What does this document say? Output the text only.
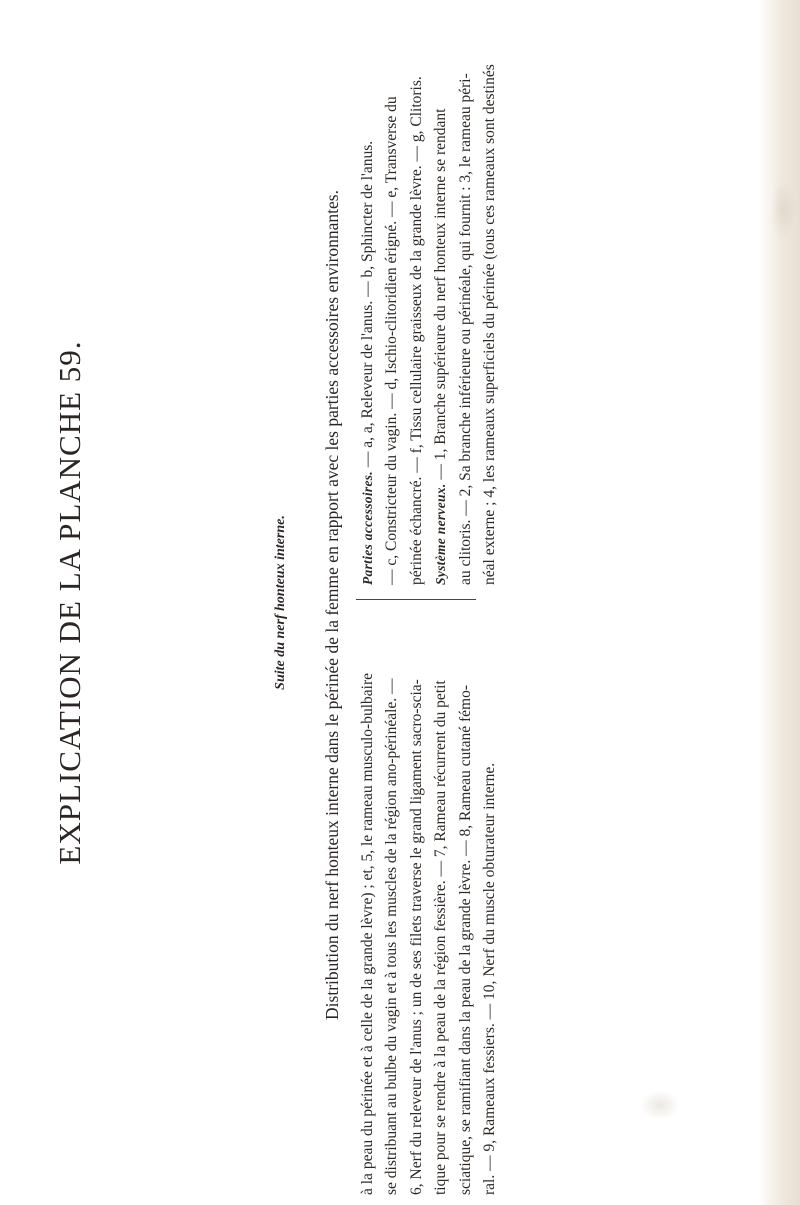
EXPLICATION DE LA PLANCHE 59.	Suite du nerf honteux interne. Distribution du nerf honteux interne dans le périnée de la femme en rapport avec les parties accessoires environnantes. Parties accessoires. — a, a, Releveur de l'anus. — b, Sphincter de l'anus. — c, Constricteur du vagin. — d, Ischio-clitoridien érigné. — e, Transverse du périnée échancré. — f, Tissu cellulaire graisseux de la grande lèvre. — g, Clitoris. Système nerveux. — 1, Branche supérieure du nerf honteux interne se rendant au clitoris. — 2, Sa branche inférieure ou périnéale, qui fournit : 3, le rameau péri- néal externe ; 4, les rameaux superficiels du périnée (tous ces rameaux sont destinés

à la peau du périnée et à celle de la grande lèvre) ; et, 5, le rameau musculo-bulbaire se distribuant au bulbe du vagin et à tous les muscles de la région ano-périnéale. — 6, Nerf du releveur de l'anus ; un de ses filets traverse le grand ligament sacro-scia- tique pour se rendre à la peau de la région fessière. — 7, Rameau récurrent du petit sciatique, se ramifiant dans la peau de la grande lèvre. — 8, Rameau cutané fémo- ral. — 9, Rameaux fessiers. — 10, Nerf du muscle obturateur interne.
